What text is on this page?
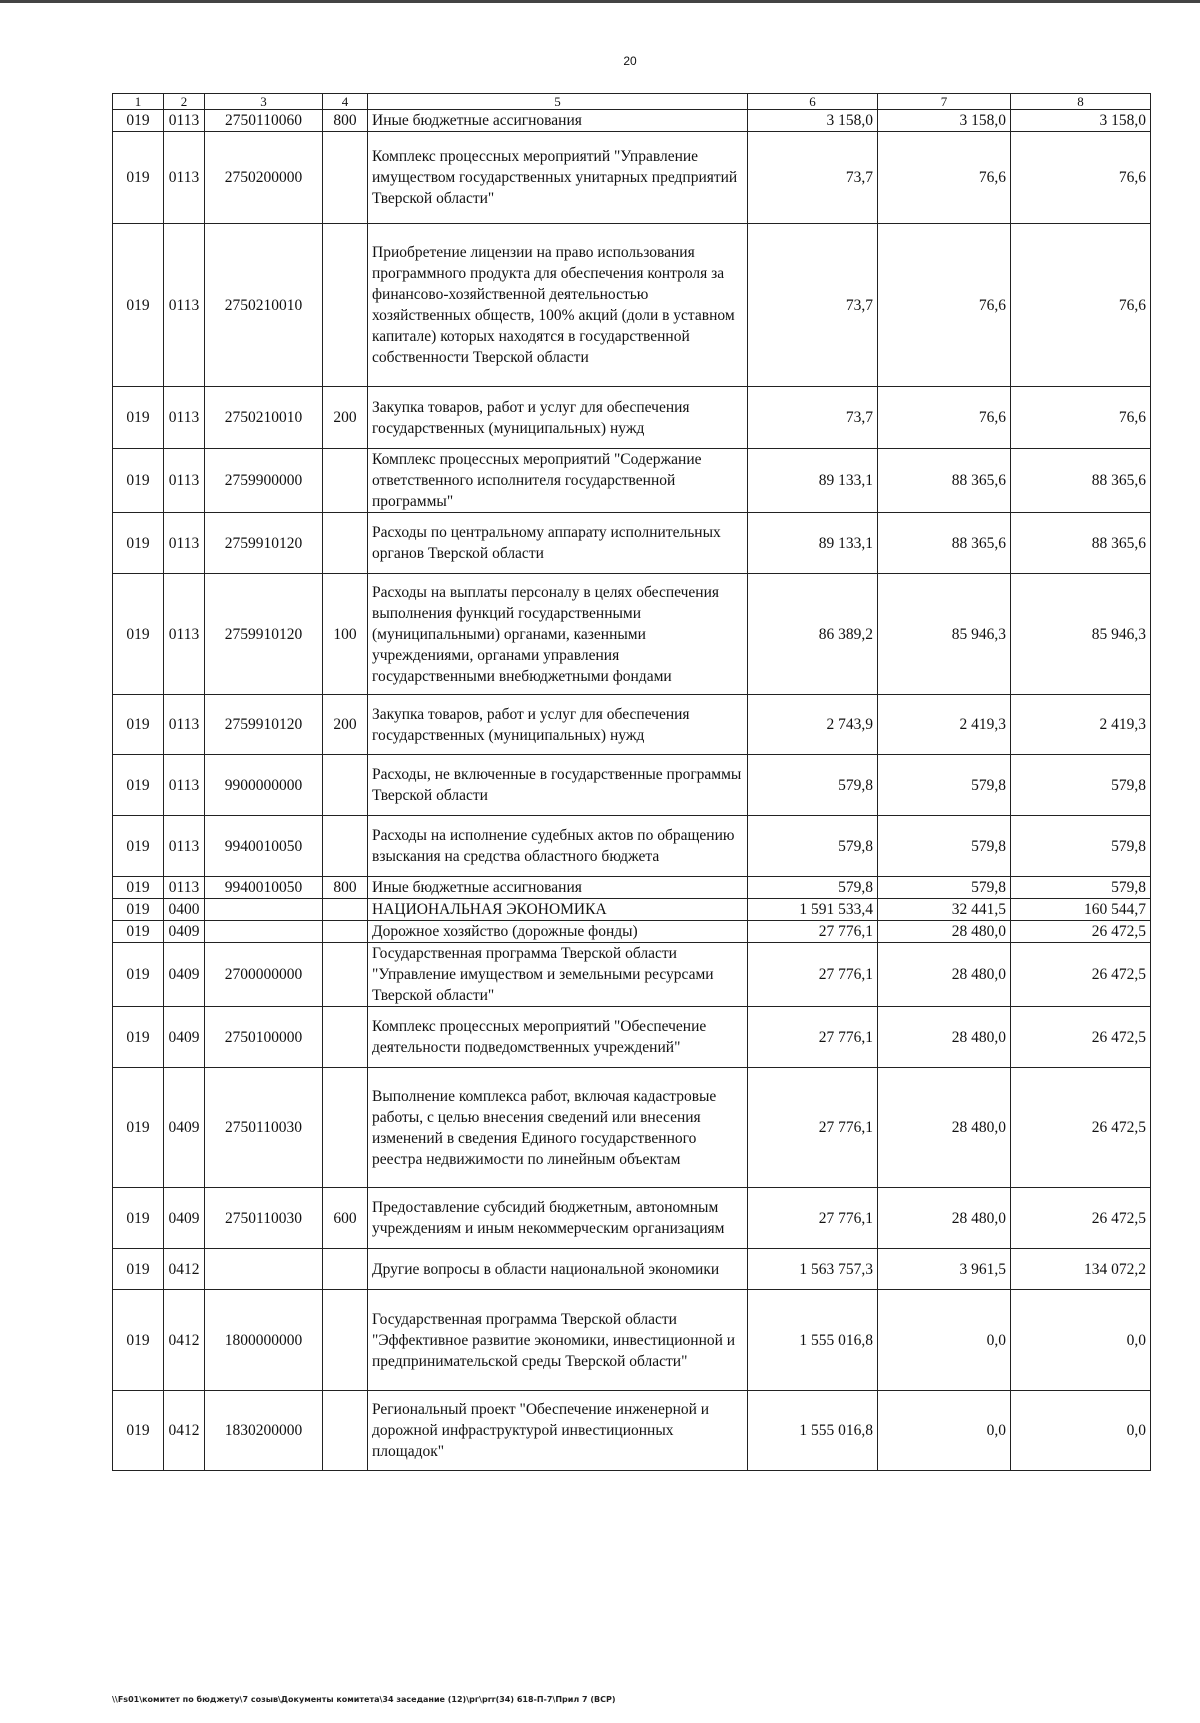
20
1	2	3	4	5	6	7	8
019	0113	2750110060	800	Иные бюджетные ассигнования	3 158,0	3 158,0	3 158,0
019	0113	2750200000		Комплекс процессных мероприятий "Управление имуществом государственных унитарных предприятий Тверской области"	73,7	76,6	76,6
019	0113	2750210010		Приобретение лицензии на право использования программного продукта для обеспечения контроля за финансово-хозяйственной деятельностью хозяйственных обществ, 100% акций (доли в уставном капитале) которых находятся в государственной собственности Тверской области	73,7	76,6	76,6
019	0113	2750210010	200	Закупка товаров, работ и услуг для обеспечения государственных (муниципальных) нужд	73,7	76,6	76,6
019	0113	2759900000		Комплекс процессных мероприятий "Содержание ответственного исполнителя государственной программы"	89 133,1	88 365,6	88 365,6
019	0113	2759910120		Расходы по центральному аппарату исполнительных органов Тверской области	89 133,1	88 365,6	88 365,6
019	0113	2759910120	100	Расходы на выплаты персоналу в целях обеспечения выполнения функций государственными (муниципальными) органами, казенными учреждениями, органами управления государственными внебюджетными фондами	86 389,2	85 946,3	85 946,3
019	0113	2759910120	200	Закупка товаров, работ и услуг для обеспечения государственных (муниципальных) нужд	2 743,9	2 419,3	2 419,3
019	0113	9900000000		Расходы, не включенные в государственные программы Тверской области	579,8	579,8	579,8
019	0113	9940010050		Расходы на исполнение судебных актов по обращению взыскания на средства областного бюджета	579,8	579,8	579,8
019	0113	9940010050	800	Иные бюджетные ассигнования	579,8	579,8	579,8
019	0400			НАЦИОНАЛЬНАЯ ЭКОНОМИКА	1 591 533,4	32 441,5	160 544,7
019	0409			Дорожное хозяйство (дорожные фонды)	27 776,1	28 480,0	26 472,5
019	0409	2700000000		Государственная программа Тверской области "Управление имуществом и земельными ресурсами Тверской области"	27 776,1	28 480,0	26 472,5
019	0409	2750100000		Комплекс процессных мероприятий "Обеспечение деятельности подведомственных учреждений"	27 776,1	28 480,0	26 472,5
019	0409	2750110030		Выполнение комплекса работ, включая кадастровые работы, с целью внесения сведений или внесения изменений в сведения Единого государственного реестра недвижимости по линейным объектам	27 776,1	28 480,0	26 472,5
019	0409	2750110030	600	Предоставление субсидий бюджетным, автономным учреждениям и иным некоммерческим организациям	27 776,1	28 480,0	26 472,5
019	0412			Другие вопросы в области национальной экономики	1 563 757,3	3 961,5	134 072,2
019	0412	1800000000		Государственная программа Тверской области "Эффективное развитие экономики, инвестиционной и предпринимательской среды Тверской области"	1 555 016,8	0,0	0,0
019	0412	1830200000		Региональный проект "Обеспечение инженерной и дорожной инфраструктурой инвестиционных площадок"	1 555 016,8	0,0	0,0
\\Fs01\комитет по бюджету\7 созыв\Документы комитета\34 заседание (12)\рг\prr(34) 618-П-7\Прил 7 (ВСР)
